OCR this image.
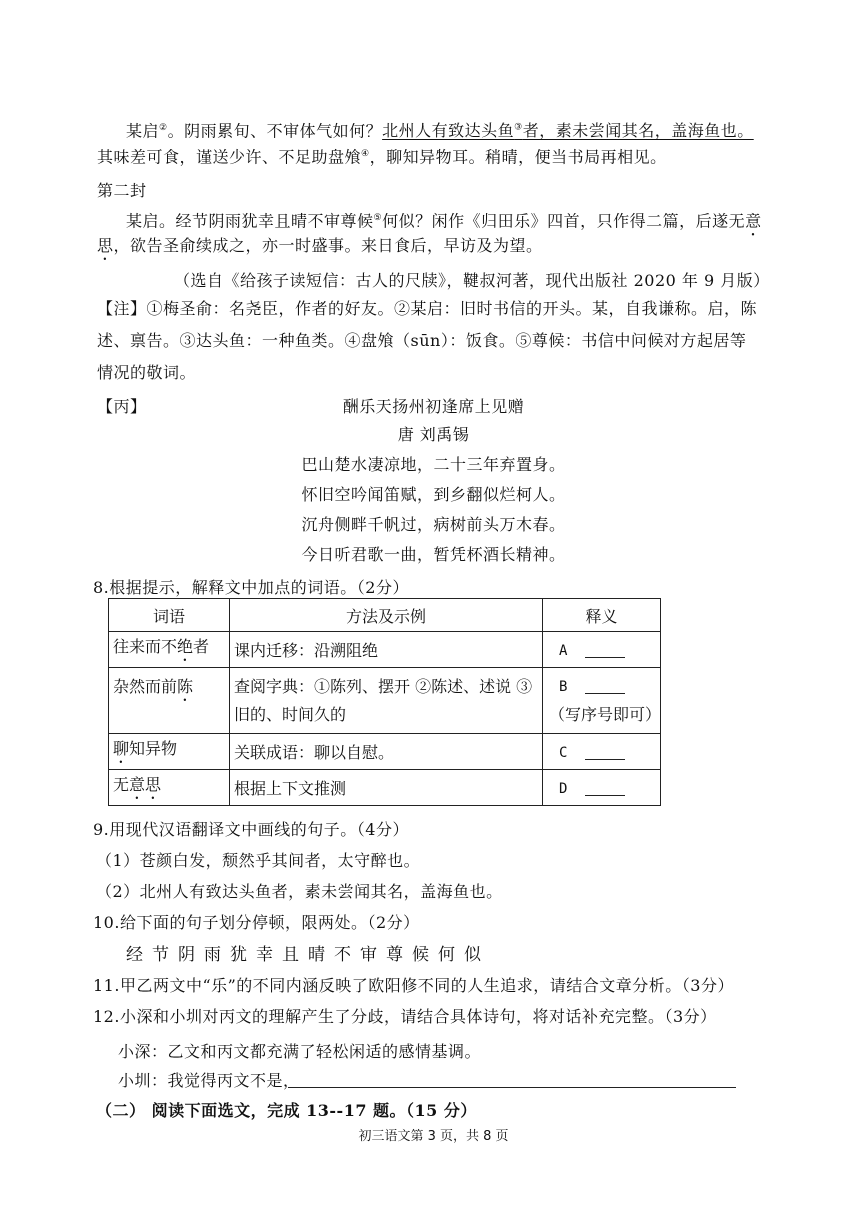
某启②。阴雨累旬、不审体气如何？北州人有致达头鱼③者，素未尝闻其名，盖海鱼也。
其味差可食，谨送少许、不足助盘飧④，聊知异物耳。稍晴，便当书局再相见。
第二封
某启。经节阴雨犹幸且晴不审尊候⑤何似？闲作《归田乐》四首，只作得二篇，后遂无意
思，欲告圣俞续成之，亦一时盛事。来日食后，早访及为望。
（选自《给孩子读短信：古人的尺牍》，鞬叔河著，现代出版社 2020 年 9 月版）
【注】①梅圣俞：名尧臣，作者的好友。②某启：旧时书信的开头。某，自我谦称。启，陈
述、禀告。③达头鱼：一种鱼类。④盘飧（sūn）：饭食。⑤尊候：书信中问候对方起居等
情况的敬词。
【丙】	酬乐天扬州初逢席上见赠
唐 刘禹锡
巴山楚水凄凉地，二十三年弃置身。
怀旧空吟闻笛赋，到乡翻似烂柯人。
沉舟侧畔千帆过，病树前头万木春。
今日听君歌一曲，暂凭杯酒长精神。
8.根据提示，解释文中加点的词语。（2分）
词语	方法及示例	释义
往来而不绝者	课内迁移：沿溯阻绝	A
杂然而前陈	查阅字典：①陈列、摆开 ②陈述、述说 ③旧的、时间久的	B
（写序号即可）

聊知异物	关联成语：聊以自慰。	C
无意思	根据上下文推测	D
9.用现代汉语翻译文中画线的句子。（4分）
（1）苍颜白发，颓然乎其间者，太守醉也。
（2）北州人有致达头鱼者，素未尝闻其名，盖海鱼也。
10.给下面的句子划分停顿，限两处。（2分）
经节阴雨犹幸且晴不审尊候何似
11.甲乙两文中“乐”的不同内涵反映了欧阳修不同的人生追求，请结合文章分析。（3分）
12.小深和小圳对丙文的理解产生了分歧，请结合具体诗句，将对话补充完整。（3分）
小深：乙文和丙文都充满了轻松闲适的感情基调。
小圳：我觉得丙文不是，
（二） 阅读下面选文，完成 13--17 题。（15 分）
初三语文第 3 页，共 8 页
